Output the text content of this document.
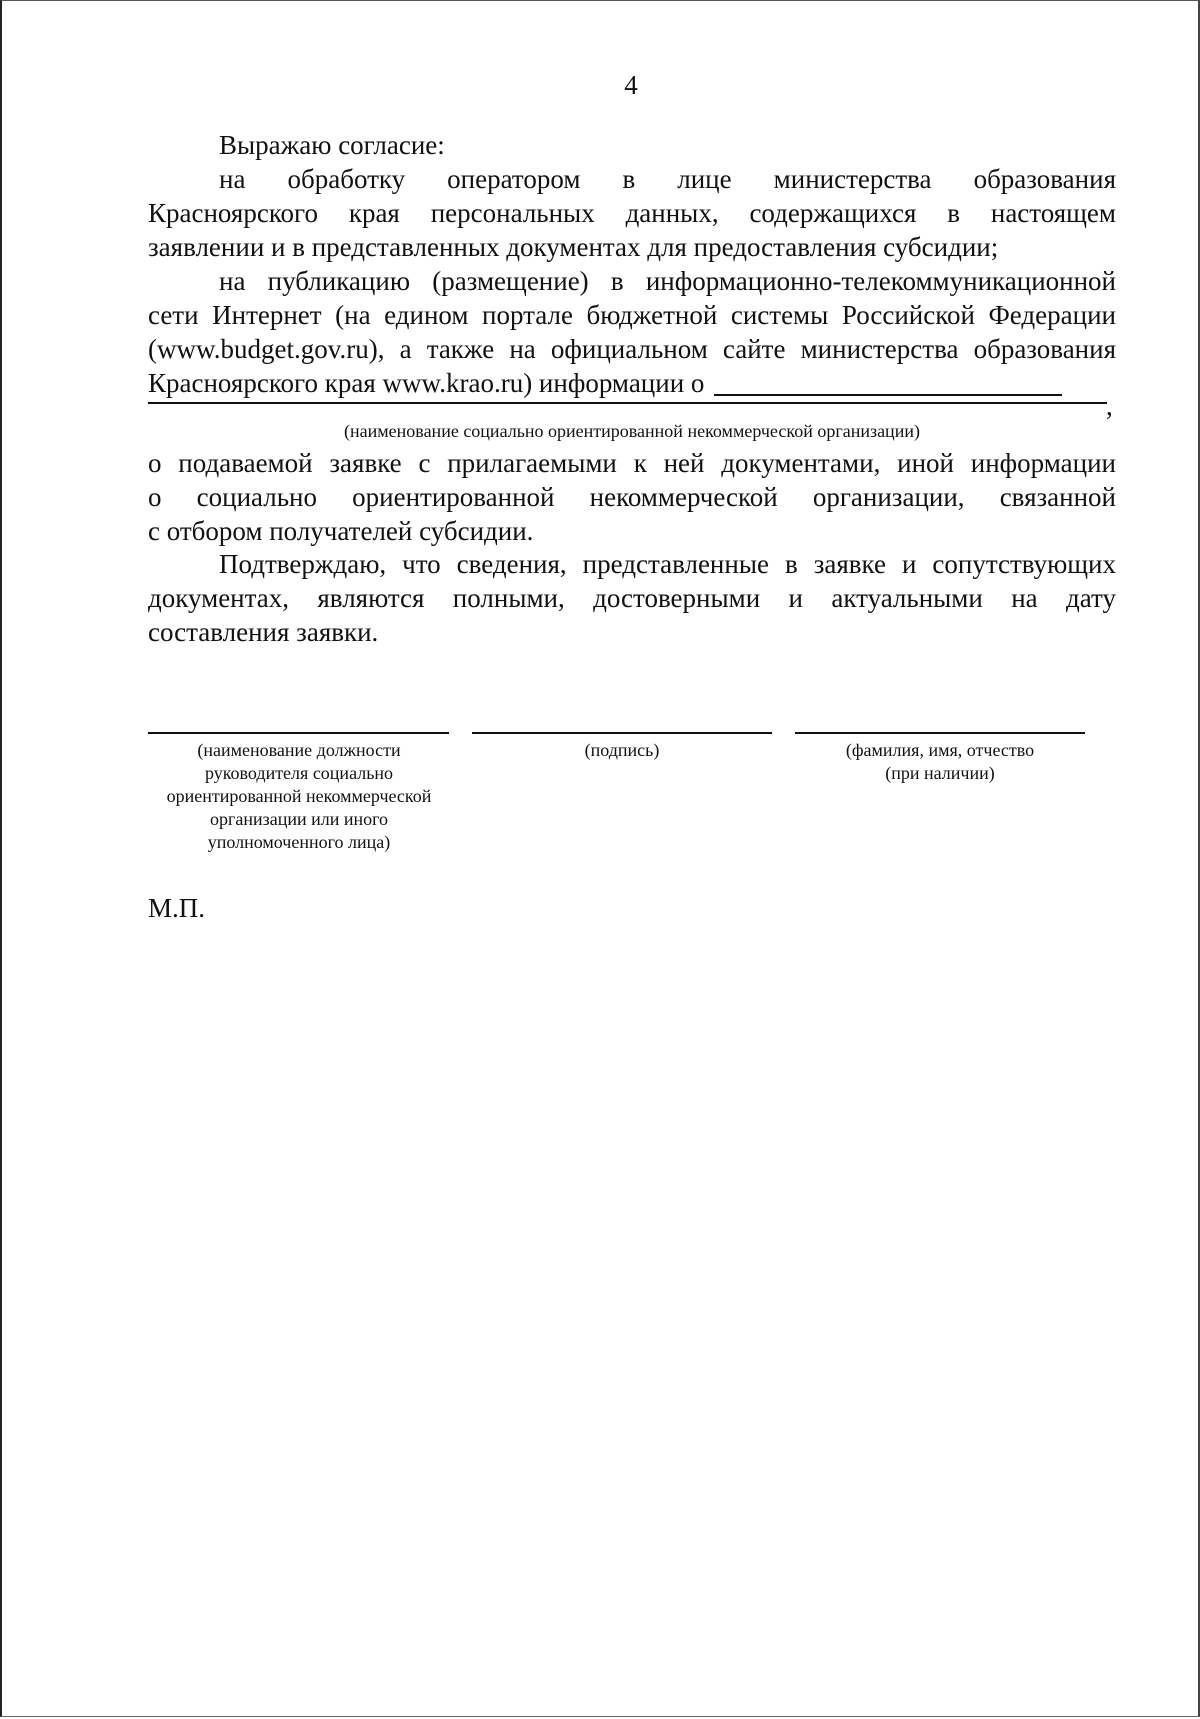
4
Выражаю согласие:
на обработку оператором в лице министерства образования
Красноярского края персональных данных, содержащихся в настоящем
заявлении и в представленных документах для предоставления субсидии;
на публикацию (размещение) в информационно-телекоммуникационной
сети Интернет (на едином портале бюджетной системы Российской Федерации
(www.budget.gov.ru), а также на официальном сайте министерства образования
Красноярского края www.krao.ru) информации о
,
(наименование социально ориентированной некоммерческой организации)
о подаваемой заявке с прилагаемыми к ней документами, иной информации
о социально ориентированной некоммерческой организации, связанной
с отбором получателей субсидии.
Подтверждаю, что сведения, представленные в заявке и сопутствующих
документах, являются полными, достоверными и актуальными на дату
составления заявки.
(наименование должности
руководителя социально
ориентированной некоммерческой
организации или иного
уполномоченного лица)
(подпись)	(фамилия, имя, отчество
(при наличии)
М.П.
